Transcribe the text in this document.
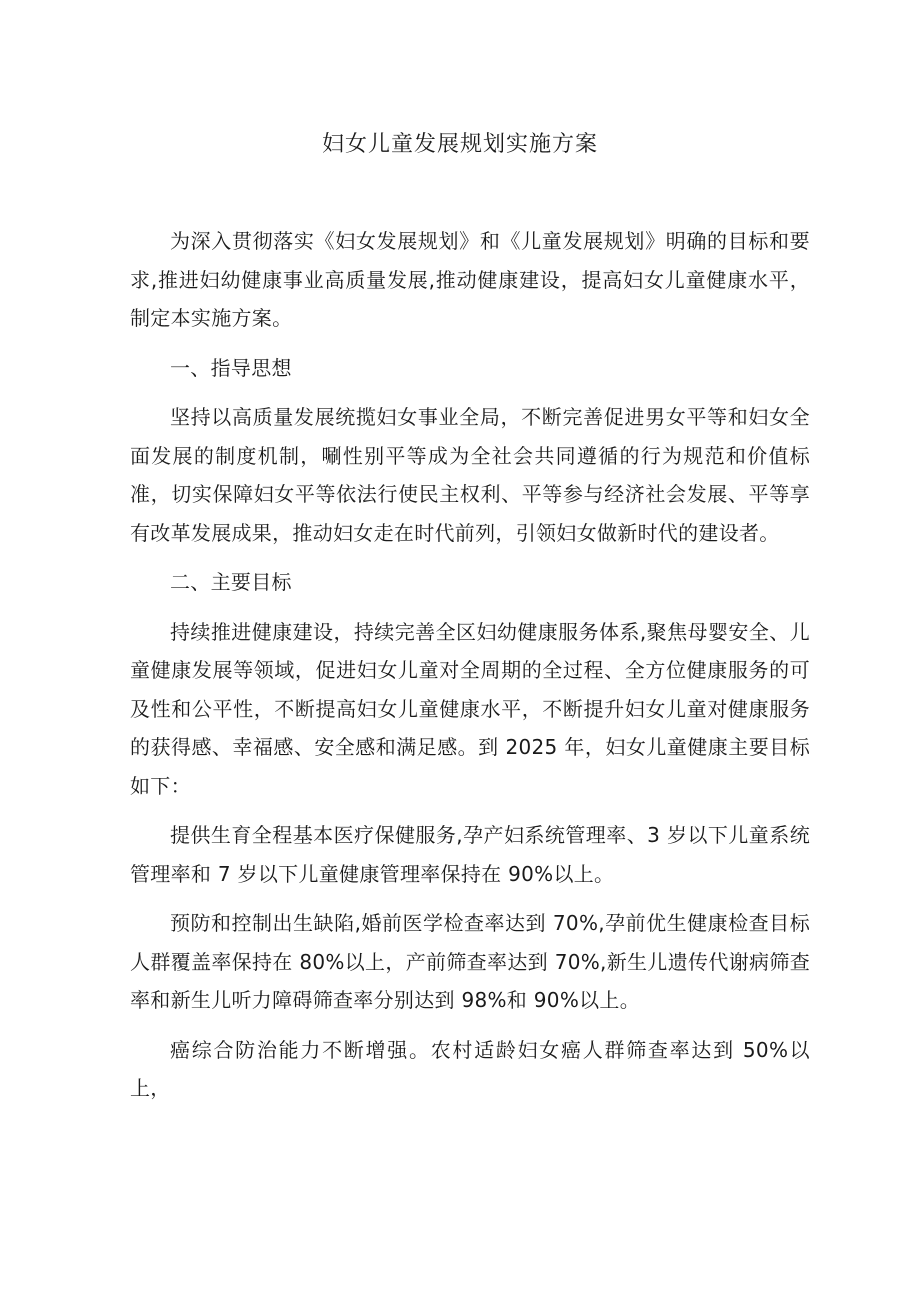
妇女儿童发展规划实施方案

为深入贯彻落实《妇女发展规划》和《儿童发展规划》明确的目标和要求,推进妇幼健康事业高质量发展,推动健康建设，提高妇女儿童健康水平，制定本实施方案。

一、指导思想

坚持以高质量发展统揽妇女事业全局，不断完善促进男女平等和妇女全面发展的制度机制，唰性别平等成为全社会共同遵循的行为规范和价值标准，切实保障妇女平等依法行使民主权利、平等参与经济社会发展、平等享有改革发展成果，推动妇女走在时代前列，引领妇女做新时代的建设者。

二、主要目标

持续推进健康建设，持续完善全区妇幼健康服务体系,聚焦母婴安全、儿童健康发展等领域，促进妇女儿童对全周期的全过程、全方位健康服务的可及性和公平性，不断提高妇女儿童健康水平，不断提升妇女儿童对健康服务的获得感、幸福感、安全感和满足感。到 2025 年，妇女儿童健康主要目标如下：

提供生育全程基本医疗保健服务,孕产妇系统管理率、3 岁以下儿童系统管理率和 7 岁以下儿童健康管理率保持在 90%以上。

预防和控制出生缺陷,婚前医学检查率达到 70%,孕前优生健康检查目标人群覆盖率保持在 80%以上，产前筛查率达到 70%,新生儿遗传代谢病筛查率和新生儿听力障碍筛查率分别达到 98%和 90%以上。

癌综合防治能力不断增强。农村适龄妇女癌人群筛查率达到 50%以上，
